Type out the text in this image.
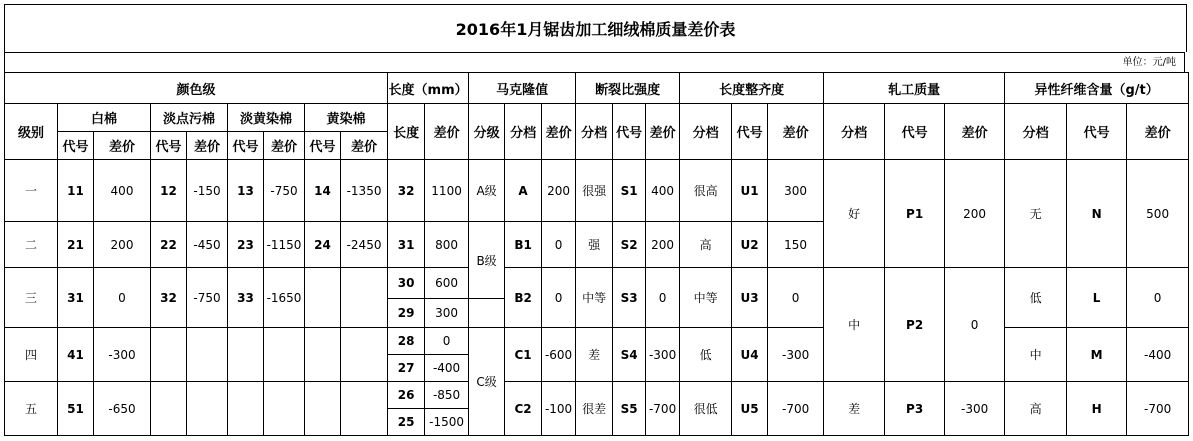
2016年1月锯齿加工细绒棉质量差价表
单位：元/吨
颜色级									长度（mm）		马克隆值			断裂比强度			长度整齐度			轧工质量			异性纤维含量（g/t）		
级别	白棉		淡点污棉		淡黄染棉		黄染棉		长度	差价	分级	分档	差价	分档	代号	差价	分档	代号	差价	分档	代号	差价	分档	代号	差价
	代号	差价	代号	差价	代号	差价	代号	差价																	
一	11	400	12	-150	13	-750	14	-1350	32	1100	A级	A	200	很强	S1	400	很高	U1	300	好	P1	200	无	N	500
二	21	200	22	-450	23	-1150	24	-2450	31	800	B级	B1	0	强	S2	200	高	U2	150						
三	31	0	32	-750	33	-1650			30	600		B2	0	中等	S3	0	中等	U3	0	中	P2	0	低	L	0
									29	300															
四	41	-300							28	0	C级	C1	-600	差	S4	-300	低	U4	-300				中	M	-400
									27	-400															
五	51	-650							26	-850		C2	-100	很差	S5	-700	很低	U5	-700	差	P3	-300	高	H	-700
									25	-1500															
